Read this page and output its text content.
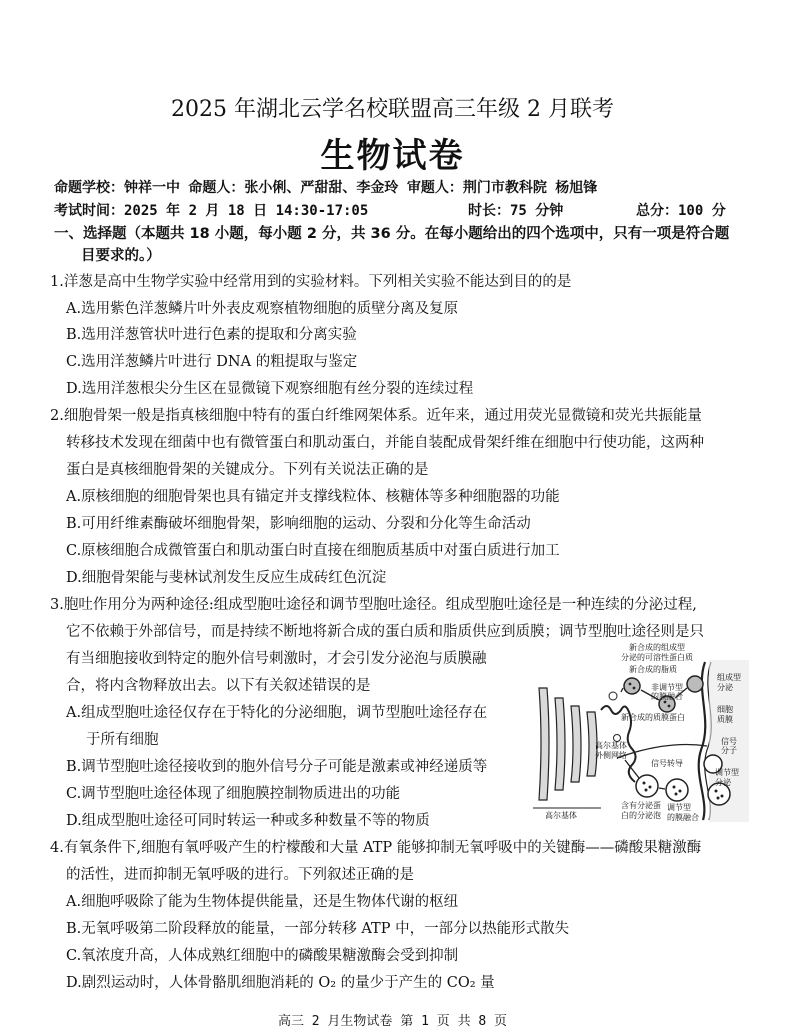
2025 年湖北云学名校联盟高三年级 2 月联考
生物试卷
命题学校：钟祥一中 命题人：张小俐、严甜甜、李金玲 审题人：荆门市教科院 杨旭锋
考试时间：2025 年 2 月 18 日 14:30-17:05	时长：75 分钟	总分：100 分
一、选择题（本题共 18 小题，每小题 2 分，共 36 分。在每小题给出的四个选项中，只有一项是符合题
目要求的。）
1.洋葱是高中生物学实验中经常用到的实验材料。下列相关实验不能达到目的的是
A.选用紫色洋葱鳞片叶外表皮观察植物细胞的质壁分离及复原
B.选用洋葱管状叶进行色素的提取和分离实验
C.选用洋葱鳞片叶进行 DNA 的粗提取与鉴定
D.选用洋葱根尖分生区在显微镜下观察细胞有丝分裂的连续过程
2.细胞骨架一般是指真核细胞中特有的蛋白纤维网架体系。近年来，通过用荧光显微镜和荧光共振能量
转移技术发现在细菌中也有微管蛋白和肌动蛋白，并能自装配成骨架纤维在细胞中行使功能，这两种
蛋白是真核细胞骨架的关键成分。下列有关说法正确的是
A.原核细胞的细胞骨架也具有锚定并支撑线粒体、核糖体等多种细胞器的功能
B.可用纤维素酶破坏细胞骨架，影响细胞的运动、分裂和分化等生命活动
C.原核细胞合成微管蛋白和肌动蛋白时直接在细胞质基质中对蛋白质进行加工
D.细胞骨架能与斐林试剂发生反应生成砖红色沉淀
3.胞吐作用分为两种途径:组成型胞吐途径和调节型胞吐途径。组成型胞吐途径是一种连续的分泌过程,
它不依赖于外部信号，而是持续不断地将新合成的蛋白质和脂质供应到质膜；调节型胞吐途径则是只
有当细胞接收到特定的胞外信号刺激时，才会引发分泌泡与质膜融
合，将内含物释放出去。以下有关叙述错误的是
A.组成型胞吐途径仅存在于特化的分泌细胞，调节型胞吐途径存在
于所有细胞
B.调节型胞吐途径接收到的胞外信号分子可能是激素或神经递质等
C.调节型胞吐途径体现了细胞膜控制物质进出的功能
D.组成型胞吐途径可同时转运一种或多种数量不等的物质
新合成的组成型
分泌的可溶性蛋白质
新合成的脂质
非调节型
的膜融合
新合成的质膜蛋白
组成型
分泌
细胞
质膜
信号
分子
高尔基体
外侧网络
信号转导
调节型
分泌
高尔基体
含有分泌蛋
白的分泌泡
调节型
的膜融合
4.有氧条件下,细胞有氧呼吸产生的柠檬酸和大量 ATP 能够抑制无氧呼吸中的关键酶——磷酸果糖激酶
的活性，进而抑制无氧呼吸的进行。下列叙述正确的是
A.细胞呼吸除了能为生物体提供能量，还是生物体代谢的枢纽
B.无氧呼吸第二阶段释放的能量，一部分转移 ATP 中，一部分以热能形式散失
C.氧浓度升高，人体成熟红细胞中的磷酸果糖激酶会受到抑制
D.剧烈运动时，人体骨骼肌细胞消耗的 O₂ 的量少于产生的 CO₂ 量
高三 2 月生物试卷 第 1 页 共 8 页
